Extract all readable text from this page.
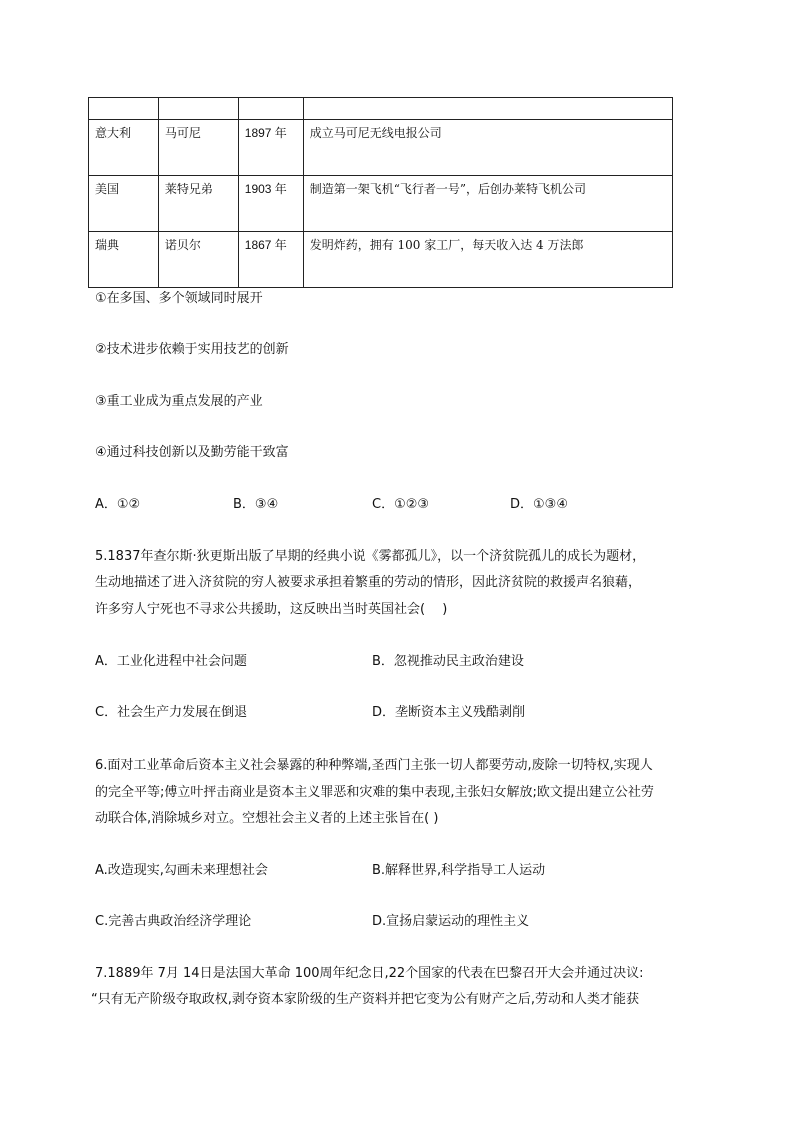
意大利	马可尼	1897 年	成立马可尼无线电报公司
美国	莱特兄弟	1903 年	制造第一架飞机“飞行者一号”，后创办莱特飞机公司
瑞典	诺贝尔	1867 年	发明炸药，拥有 100 家工厂，每天收入达 4 万法郎
①在多国、多个领域同时展开
②技术进步依赖于实用技艺的创新
③重工业成为重点发展的产业
④通过科技创新以及勤劳能干致富
A．①②	B．③④	C．①②③	D．①③④
5.1837年查尔斯·狄更斯出版了早期的经典小说《雾都孤儿》，以一个济贫院孤儿的成长为题材，
生动地描述了进入济贫院的穷人被要求承担着繁重的劳动的情形，因此济贫院的救援声名狼藉，
许多穷人宁死也不寻求公共援助，这反映出当时英国社会(　 )
A．工业化进程中社会问题	B．忽视推动民主政治建设
C．社会生产力发展在倒退	D．垄断资本主义残酷剥削
6.面对工业革命后资本主义社会暴露的种种弊端,圣西门主张一切人都要劳动,废除一切特权,实现人
的完全平等;傅立叶抨击商业是资本主义罪恶和灾难的集中表现,主张妇女解放;欧文提出建立公社劳
动联合体,消除城乡对立。空想社会主义者的上述主张旨在( )
A.改造现实,勾画未来理想社会	B.解释世界,科学指导工人运动
C.完善古典政治经济学理论	D.宣扬启蒙运动的理性主义
7.1889年 7月 14日是法国大革命 100周年纪念日,22个国家的代表在巴黎召开大会并通过决议:
“只有无产阶级夺取政权,剥夺资本家阶级的生产资料并把它变为公有财产之后,劳动和人类才能获
